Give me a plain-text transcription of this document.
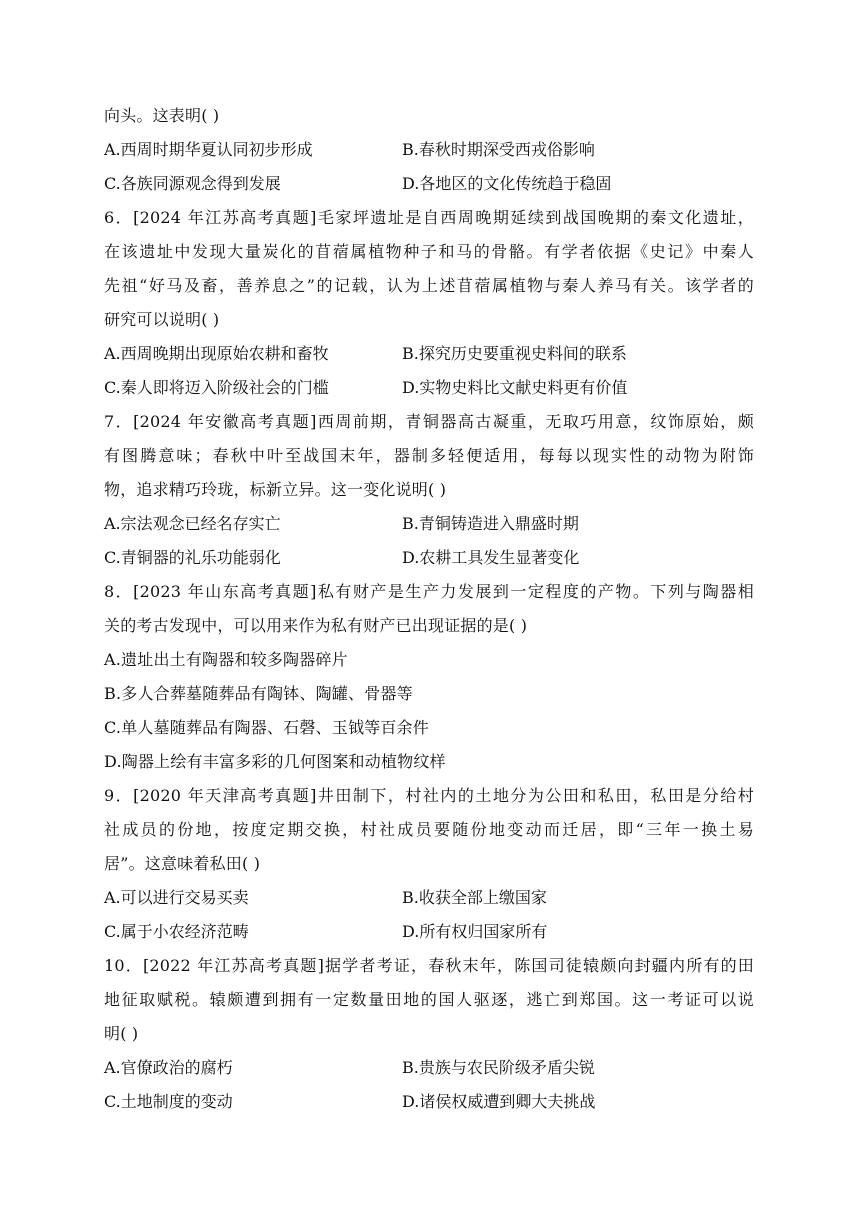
向头。这表明( )
A.西周时期华夏认同初步形成	B.春秋时期深受西戎俗影响
C.各族同源观念得到发展	D.各地区的文化传统趋于稳固
6．[2024 年江苏高考真题]毛家坪遗址是自西周晚期延续到战国晚期的秦文化遗址，
在该遗址中发现大量炭化的苜蓿属植物种子和马的骨骼。有学者依据《史记》中秦人
先祖“好马及畜，善养息之”的记载，认为上述苜蓿属植物与秦人养马有关。该学者的
研究可以说明( )
A.西周晚期出现原始农耕和畜牧	B.探究历史要重视史料间的联系
C.秦人即将迈入阶级社会的门槛	D.实物史料比文献史料更有价值
7．[2024 年安徽高考真题]西周前期，青铜器高古凝重，无取巧用意，纹饰原始，颇
有图腾意味；春秋中叶至战国末年，器制多轻便适用，每每以现实性的动物为附饰
物，追求精巧玲珑，标新立异。这一变化说明( )
A.宗法观念已经名存实亡	B.青铜铸造进入鼎盛时期
C.青铜器的礼乐功能弱化	D.农耕工具发生显著变化
8．[2023 年山东高考真题]私有财产是生产力发展到一定程度的产物。下列与陶器相
关的考古发现中，可以用来作为私有财产已出现证据的是( )
A.遗址出土有陶器和较多陶器碎片
B.多人合葬墓随葬品有陶钵、陶罐、骨器等
C.单人墓随葬品有陶器、石磬、玉钺等百余件
D.陶器上绘有丰富多彩的几何图案和动植物纹样
9．[2020 年天津高考真题]井田制下，村社内的土地分为公田和私田，私田是分给村
社成员的份地，按度定期交换，村社成员要随份地变动而迁居，即“三年一换土易
居”。这意味着私田( )
A.可以进行交易买卖	B.收获全部上缴国家
C.属于小农经济范畴	D.所有权归国家所有
10．[2022 年江苏高考真题]据学者考证，春秋末年，陈国司徒辕颇向封疆内所有的田
地征取赋税。辕颇遭到拥有一定数量田地的国人驱逐，逃亡到郑国。这一考证可以说
明( )
A.官僚政治的腐朽	B.贵族与农民阶级矛盾尖锐
C.土地制度的变动	D.诸侯权威遭到卿大夫挑战
